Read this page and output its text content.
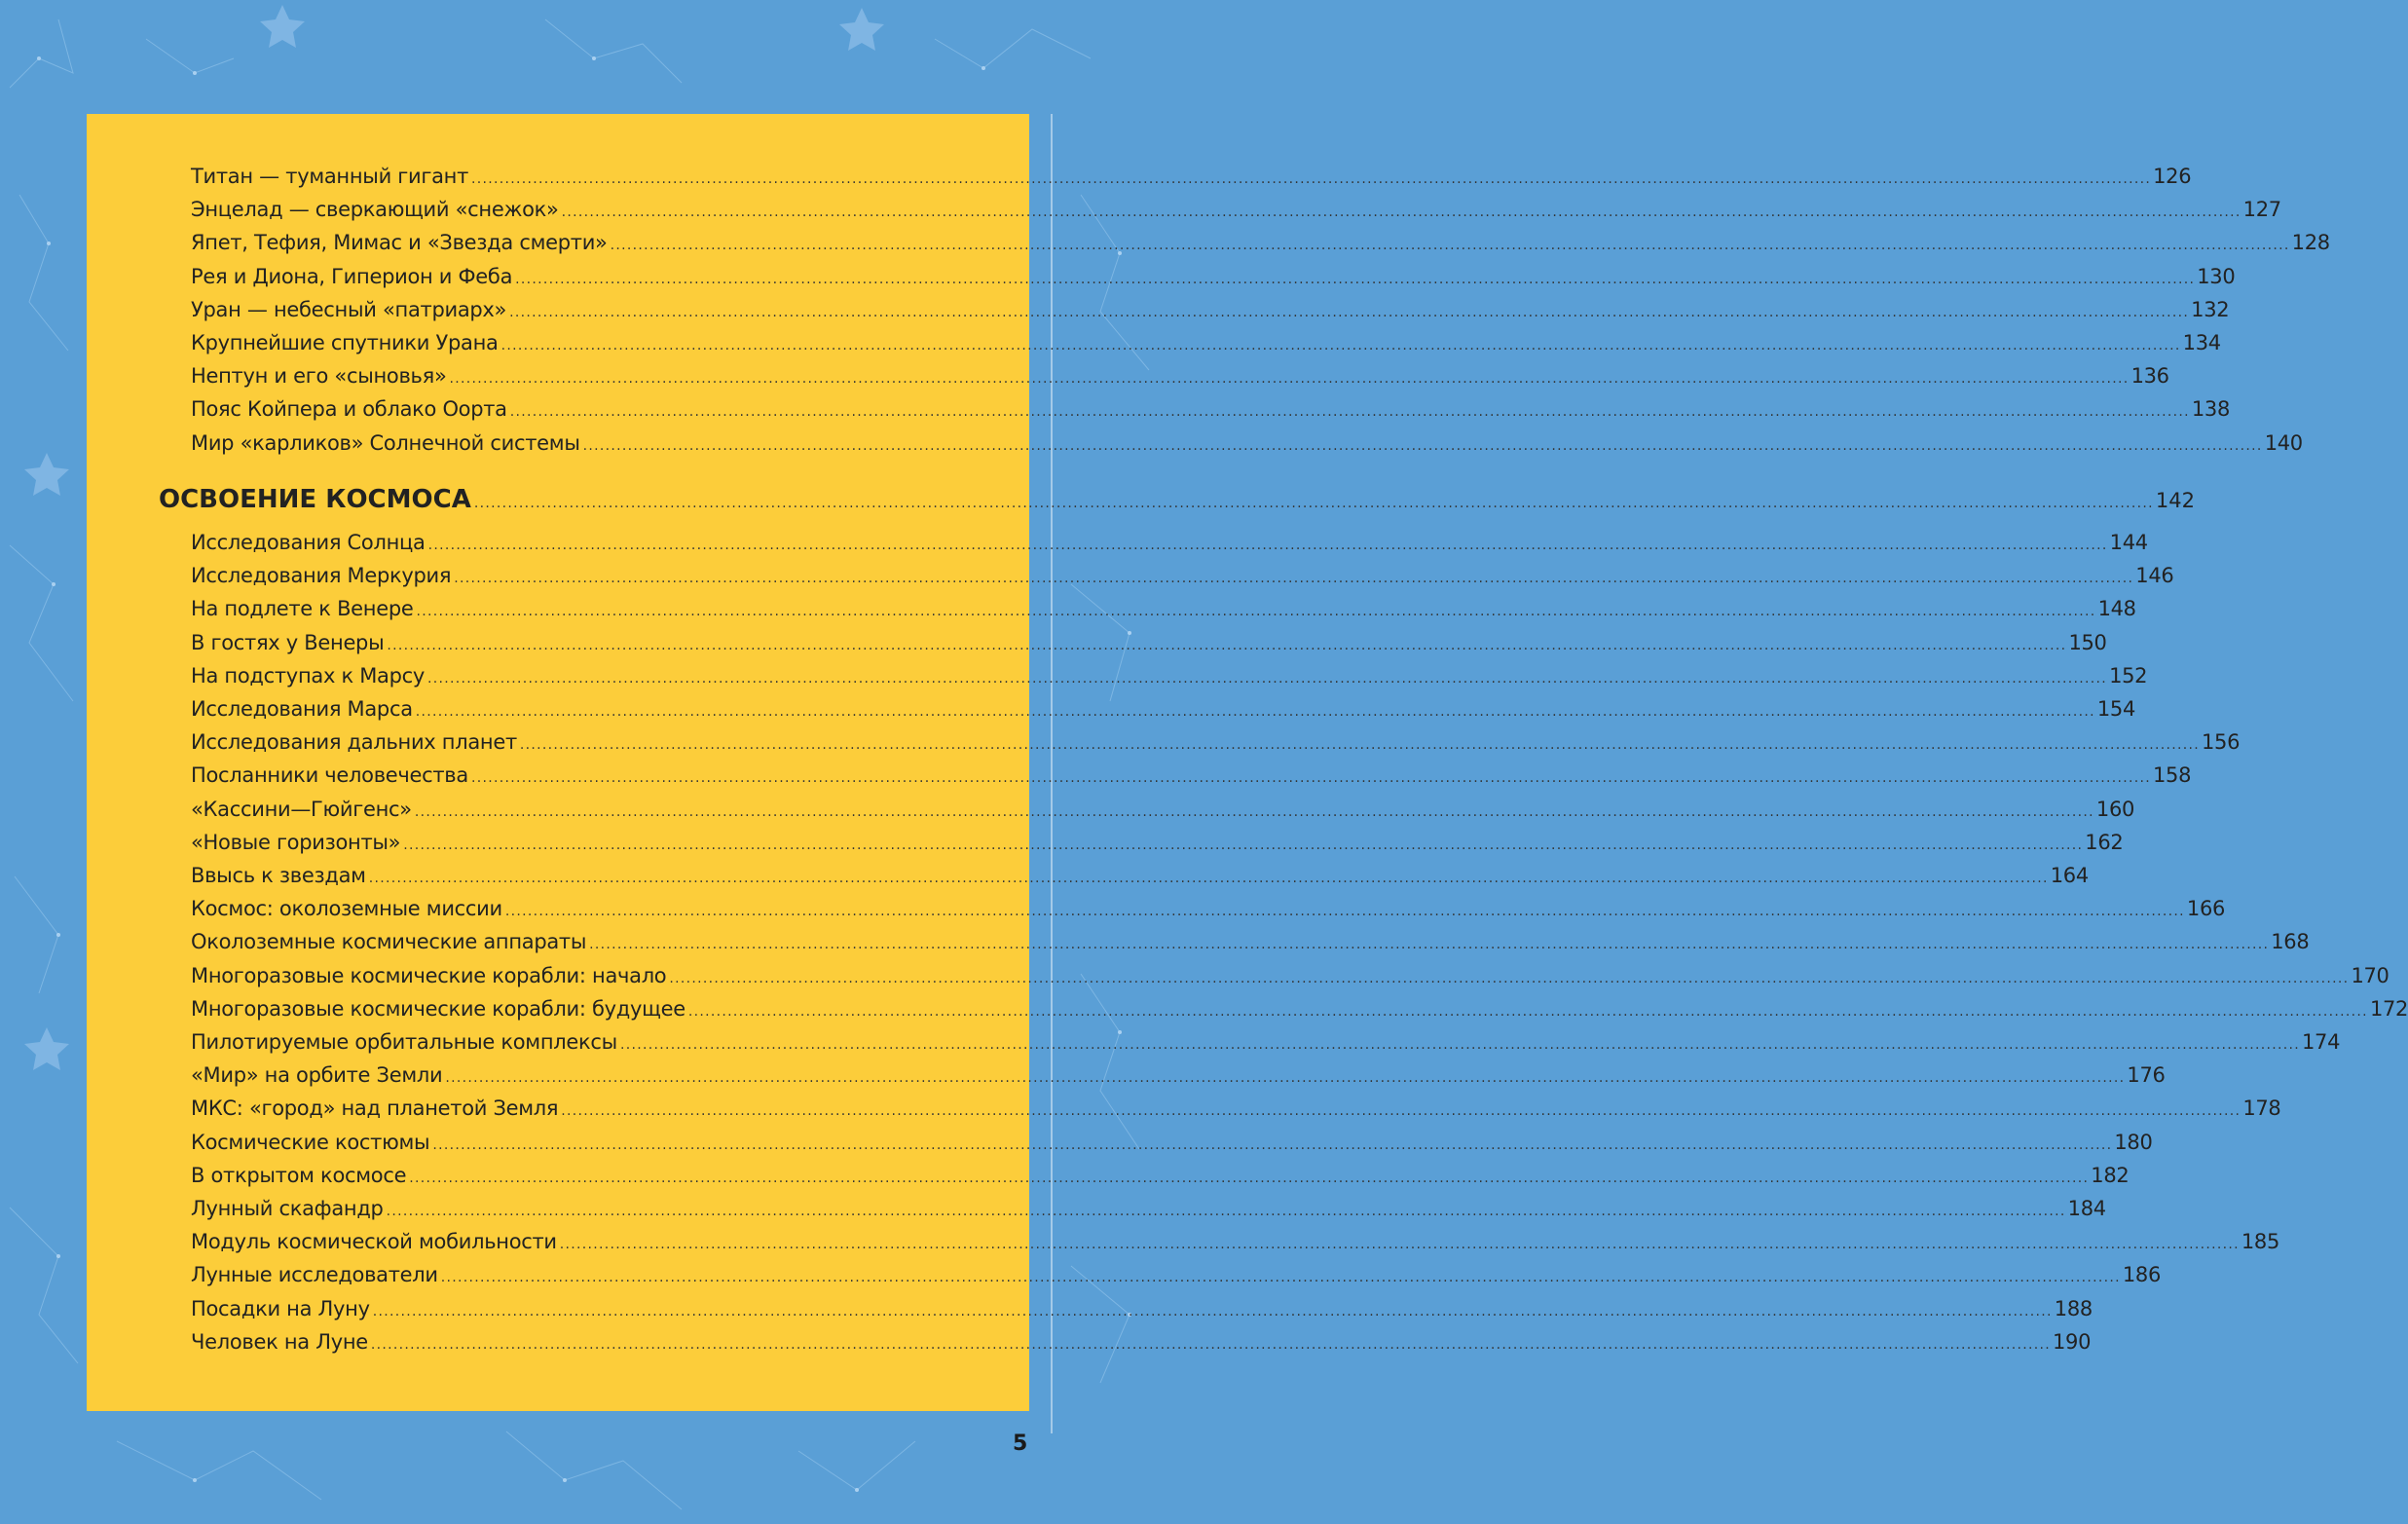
Титан — туманный гигант ............................................................................................................................................................................................................................................................................................................ 126
Энцелад — сверкающий «снежок» ............................................................................................................................................................................................................................................................................................................ 127
Япет, Тефия, Мимас и «Звезда смерти» ............................................................................................................................................................................................................................................................................................................ 128
Рея и Диона, Гиперион и Феба ............................................................................................................................................................................................................................................................................................................ 130
Уран — небесный «патриарх» ............................................................................................................................................................................................................................................................................................................ 132
Крупнейшие спутники Урана ............................................................................................................................................................................................................................................................................................................ 134
Нептун и его «сыновья» ............................................................................................................................................................................................................................................................................................................ 136
Пояс Койпера и облако Оорта ............................................................................................................................................................................................................................................................................................................ 138
Мир «карликов» Солнечной системы ............................................................................................................................................................................................................................................................................................................ 140
ОСВОЕНИЕ КОСМОСА ............................................................................................................................................................................................................................................................................................................ 142
Исследования Солнца ............................................................................................................................................................................................................................................................................................................ 144
Исследования Меркурия ............................................................................................................................................................................................................................................................................................................ 146
На подлете к Венере ............................................................................................................................................................................................................................................................................................................ 148
В гостях у Венеры ............................................................................................................................................................................................................................................................................................................ 150
На подступах к Марсу ............................................................................................................................................................................................................................................................................................................ 152
Исследования Марса ............................................................................................................................................................................................................................................................................................................ 154
Исследования дальних планет ............................................................................................................................................................................................................................................................................................................ 156
Посланники человечества ............................................................................................................................................................................................................................................................................................................ 158
«Кассини—Гюйгенс» ............................................................................................................................................................................................................................................................................................................ 160
«Новые горизонты» ............................................................................................................................................................................................................................................................................................................ 162
Ввысь к звездам ............................................................................................................................................................................................................................................................................................................ 164
Космос: околоземные миссии ............................................................................................................................................................................................................................................................................................................ 166
Околоземные космические аппараты ............................................................................................................................................................................................................................................................................................................ 168
Многоразовые космические корабли: начало ............................................................................................................................................................................................................................................................................................................ 170
Многоразовые космические корабли: будущее ............................................................................................................................................................................................................................................................................................................ 172
Пилотируемые орбитальные комплексы ............................................................................................................................................................................................................................................................................................................ 174
«Мир» на орбите Земли ............................................................................................................................................................................................................................................................................................................ 176
МКС: «город» над планетой Земля ............................................................................................................................................................................................................................................................................................................ 178
Космические костюмы ............................................................................................................................................................................................................................................................................................................ 180
В открытом космосе ............................................................................................................................................................................................................................................................................................................ 182
Лунный скафандр ............................................................................................................................................................................................................................................................................................................ 184
Модуль космической мобильности ............................................................................................................................................................................................................................................................................................................ 185
Лунные исследователи ............................................................................................................................................................................................................................................................................................................ 186
Посадки на Луну ............................................................................................................................................................................................................................................................................................................ 188
Человек на Луне ............................................................................................................................................................................................................................................................................................................ 190
5
